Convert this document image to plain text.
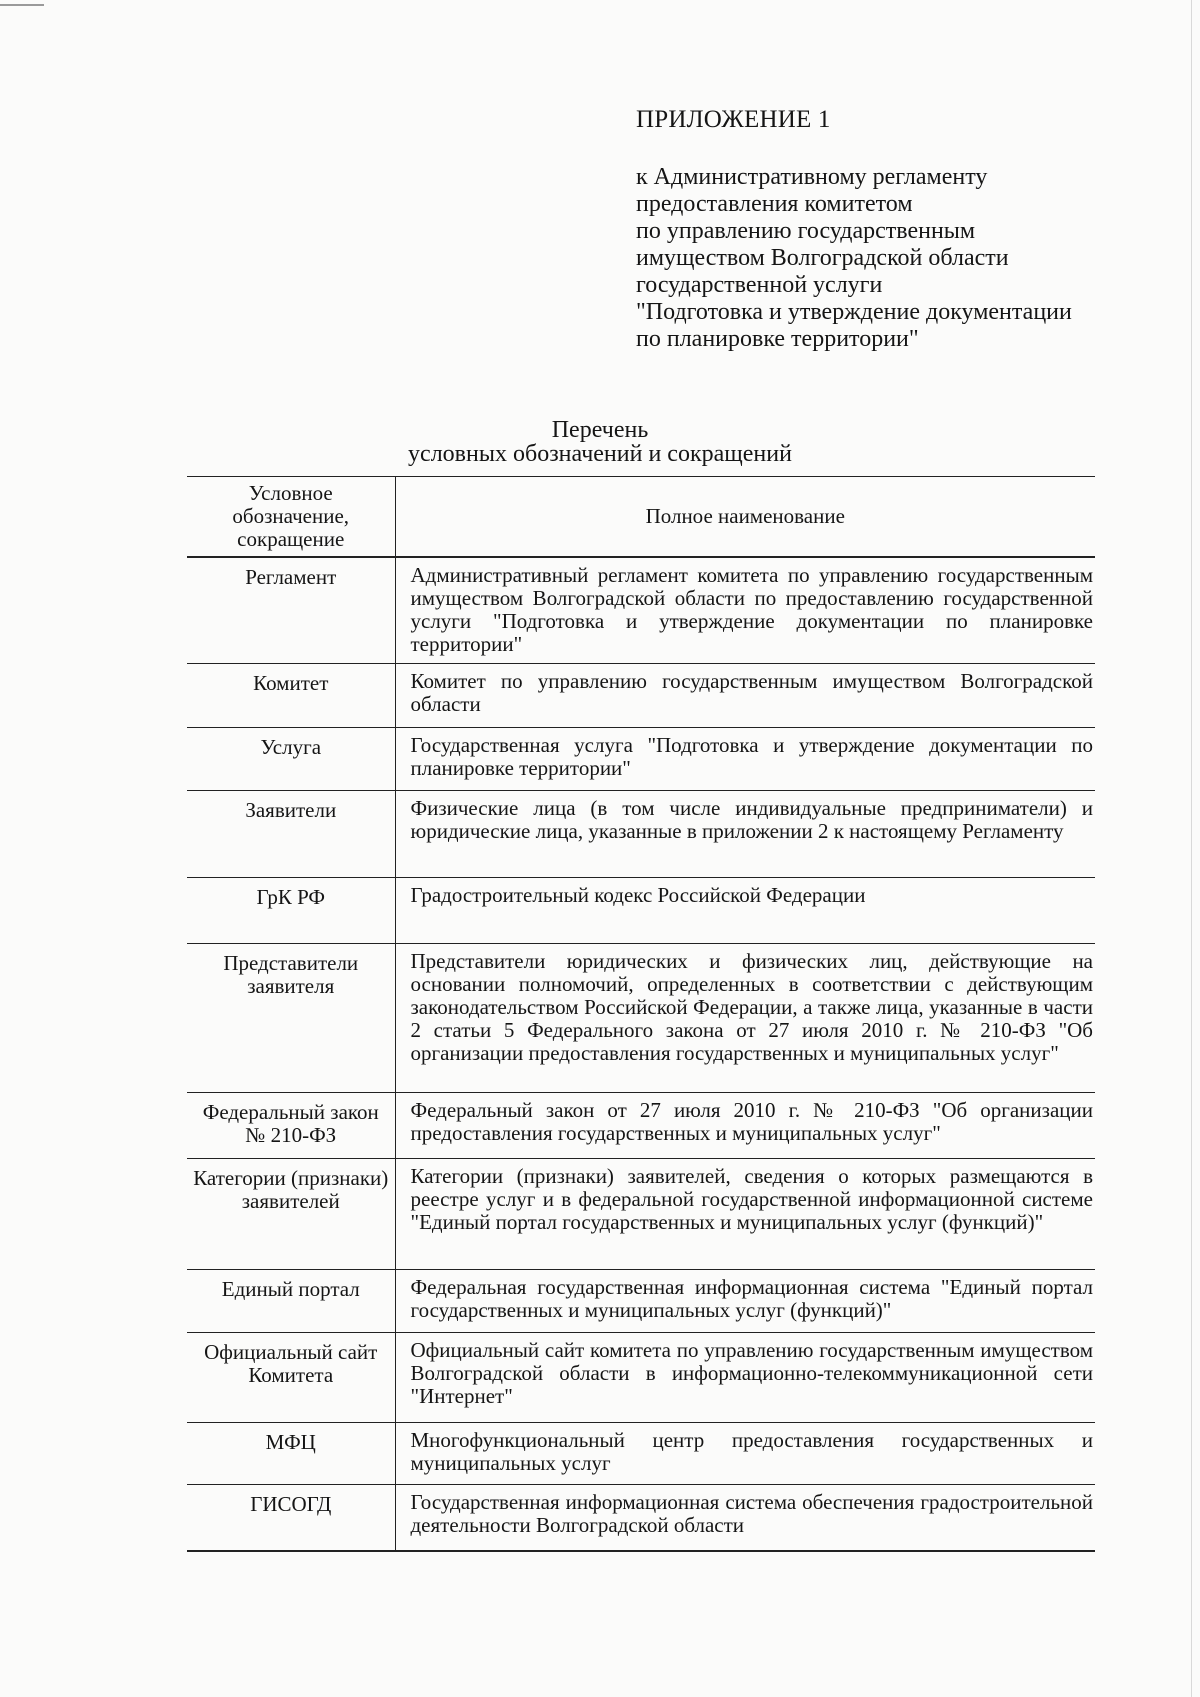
ПРИЛОЖЕНИЕ 1
к Административному регламенту
предоставления комитетом
по управлению государственным
имуществом Волгоградской области
государственной услуги
"Подготовка и утверждение документации
по планировке территории"
Перечень
условных обозначений и сокращений
Условное
обозначение,
сокращение	Полное наименование
Регламент	Административный регламент комитета по управлению государственным имуществом Волгоградской области по предоставлению государственной услуги "Подготовка и утверждение документации по планировке территории"
Комитет	Комитет по управлению государственным имуществом Волгоградской области
Услуга	Государственная услуга "Подготовка и утверждение документации по планировке территории"
Заявители	Физические лица (в том числе индивидуальные предприниматели) и юридические лица, указанные в приложении 2 к настоящему Регламенту
ГрК РФ	Градостроительный кодекс Российской Федерации
Представители заявителя	Представители юридических и физических лиц, действующие на основании полномочий, определенных в соответствии с действующим законодательством Российской Федерации, а также лица, указанные в части 2 статьи 5 Федерального закона от 27 июля 2010 г. № 210-ФЗ "Об организации предоставления государственных и муниципальных услуг"
Федеральный закон № 210-ФЗ	Федеральный закон от 27 июля 2010 г. № 210-ФЗ "Об организации предоставления государственных и муниципальных услуг"
Категории (признаки) заявителей	Категории (признаки) заявителей, сведения о которых размещаются в реестре услуг и в федеральной государственной информационной системе "Единый портал государственных и муниципальных услуг (функций)"
Единый портал	Федеральная государственная информационная система "Единый портал государственных и муниципальных услуг (функций)"
Официальный сайт Комитета	Официальный сайт комитета по управлению государственным имуществом Волгоградской области в информационно-телекоммуникационной сети "Интернет"
МФЦ	Многофункциональный центр предоставления государственных и муниципальных услуг
ГИСОГД	Государственная информационная система обеспечения градостроительной деятельности Волгоградской области
